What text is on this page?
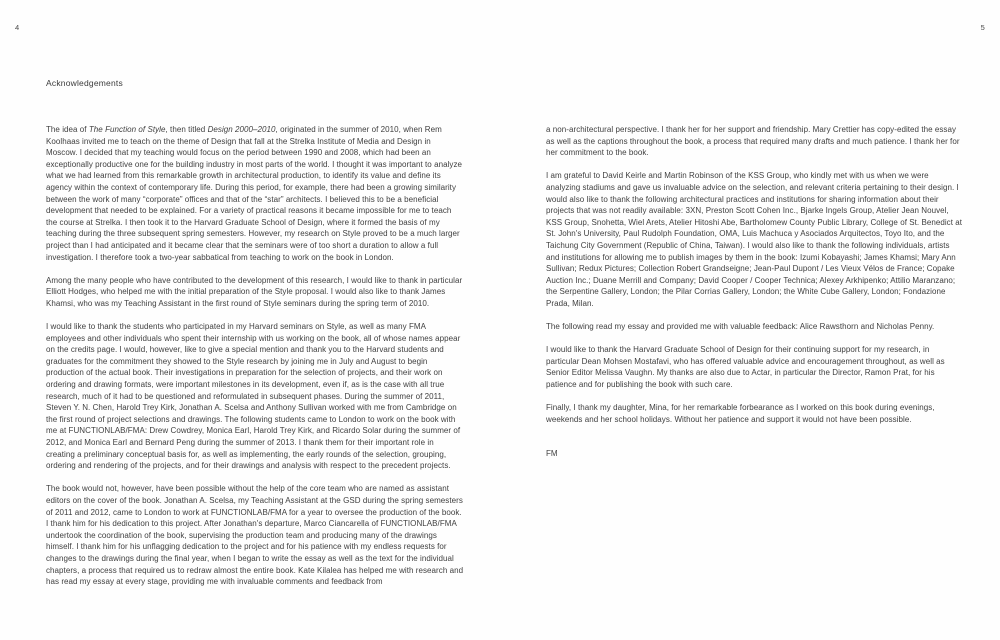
4	5
Acknowledgements

The idea of The Function of Style, then titled Design 2000–2010, originated in the summer of 2010, when Rem Koolhaas invited me to teach on the theme of Design that fall at the Strelka Institute of Media and Design in Moscow. I decided that my teaching would focus on the period between 1990 and 2008, which had been an exceptionally productive one for the building industry in most parts of the world. I thought it was important to analyze what we had learned from this remarkable growth in architectural production, to identify its value and define its agency within the context of contemporary life. During this period, for example, there had been a growing similarity between the work of many “corporate” offices and that of the “star” architects. I believed this to be a beneficial development that needed to be explained. For a variety of practical reasons it became impossible for me to teach the course at Strelka. I then took it to the Harvard Graduate School of Design, where it formed the basis of my teaching during the three subsequent spring semesters. However, my research on Style proved to be a much larger project than I had anticipated and it became clear that the seminars were of too short a duration to allow a full investigation. I therefore took a two-year sabbatical from teaching to work on the book in London.

Among the many people who have contributed to the development of this research, I would like to thank in particular Elliott Hodges, who helped me with the initial preparation of the Style proposal. I would also like to thank James Khamsi, who was my Teaching Assistant in the first round of Style seminars during the spring term of 2010.

I would like to thank the students who participated in my Harvard seminars on Style, as well as many FMA employees and other individuals who spent their internship with us working on the book, all of whose names appear on the credits page. I would, however, like to give a special mention and thank you to the Harvard students and graduates for the commitment they showed to the Style research by joining me in July and August to begin production of the actual book. Their investigations in preparation for the selection of projects, and their work on ordering and drawing formats, were important milestones in its development, even if, as is the case with all true research, much of it had to be questioned and reformulated in subsequent phases. During the summer of 2011, Steven Y. N. Chen, Harold Trey Kirk, Jonathan A. Scelsa and Anthony Sullivan worked with me from Cambridge on the first round of project selections and drawings. The following students came to London to work on the book with me at FUNCTIONLAB/FMA: Drew Cowdrey, Monica Earl, Harold Trey Kirk, and Ricardo Solar during the summer of 2012, and Monica Earl and Bernard Peng during the summer of 2013. I thank them for their important role in creating a preliminary conceptual basis for, as well as implementing, the early rounds of the selection, grouping, ordering and rendering of the projects, and for their drawings and analysis with respect to the precedent projects.

The book would not, however, have been possible without the help of the core team who are named as assistant editors on the cover of the book. Jonathan A. Scelsa, my Teaching Assistant at the GSD during the spring semesters of 2011 and 2012, came to London to work at FUNCTIONLAB/FMA for a year to oversee the production of the book. I thank him for his dedication to this project. After Jonathan's departure, Marco Ciancarella of FUNCTIONLAB/FMA undertook the coordination of the book, supervising the production team and producing many of the drawings himself. I thank him for his unflagging dedication to the project and for his patience with my endless requests for changes to the drawings during the final year, when I began to write the essay as well as the text for the individual chapters, a process that required us to redraw almost the entire book. Kate Kilalea has helped me with research and has read my essay at every stage, providing me with invaluable comments and feedback from

a non-architectural perspective. I thank her for her support and friendship. Mary Crettier has copy-edited the essay as well as the captions throughout the book, a process that required many drafts and much patience. I thank her for her commitment to the book.

I am grateful to David Keirle and Martin Robinson of the KSS Group, who kindly met with us when we were analyzing stadiums and gave us invaluable advice on the selection, and relevant criteria pertaining to their design. I would also like to thank the following architectural practices and institutions for sharing information about their projects that was not readily available: 3XN, Preston Scott Cohen Inc., Bjarke Ingels Group, Atelier Jean Nouvel, KSS Group, Snohetta, Wiel Arets, Atelier Hitoshi Abe, Bartholomew County Public Library, College of St. Benedict at St. John's University, Paul Rudolph Foundation, OMA, Luis Machuca y Asociados Arquitectos, Toyo Ito, and the Taichung City Government (Republic of China, Taiwan). I would also like to thank the following individuals, artists and institutions for allowing me to publish images by them in the book: Izumi Kobayashi; James Khamsi; Mary Ann Sullivan; Redux Pictures; Collection Robert Grandseigne; Jean-Paul Dupont / Les Vieux Vélos de France; Copake Auction Inc.; Duane Merrill and Company; David Cooper / Cooper Technica; Alexey Arkhipenko; Attilio Maranzano; the Serpentine Gallery, London; the Pilar Corrias Gallery, London; the White Cube Gallery, London; Fondazione Prada, Milan.

The following read my essay and provided me with valuable feedback: Alice Rawsthorn and Nicholas Penny.

I would like to thank the Harvard Graduate School of Design for their continuing support for my research, in particular Dean Mohsen Mostafavi, who has offered valuable advice and encouragement throughout, as well as Senior Editor Melissa Vaughn. My thanks are also due to Actar, in particular the Director, Ramon Prat, for his patience and for publishing the book with such care.

Finally, I thank my daughter, Mina, for her remarkable forbearance as I worked on this book during evenings, weekends and her school holidays. Without her patience and support it would not have been possible.

FM
